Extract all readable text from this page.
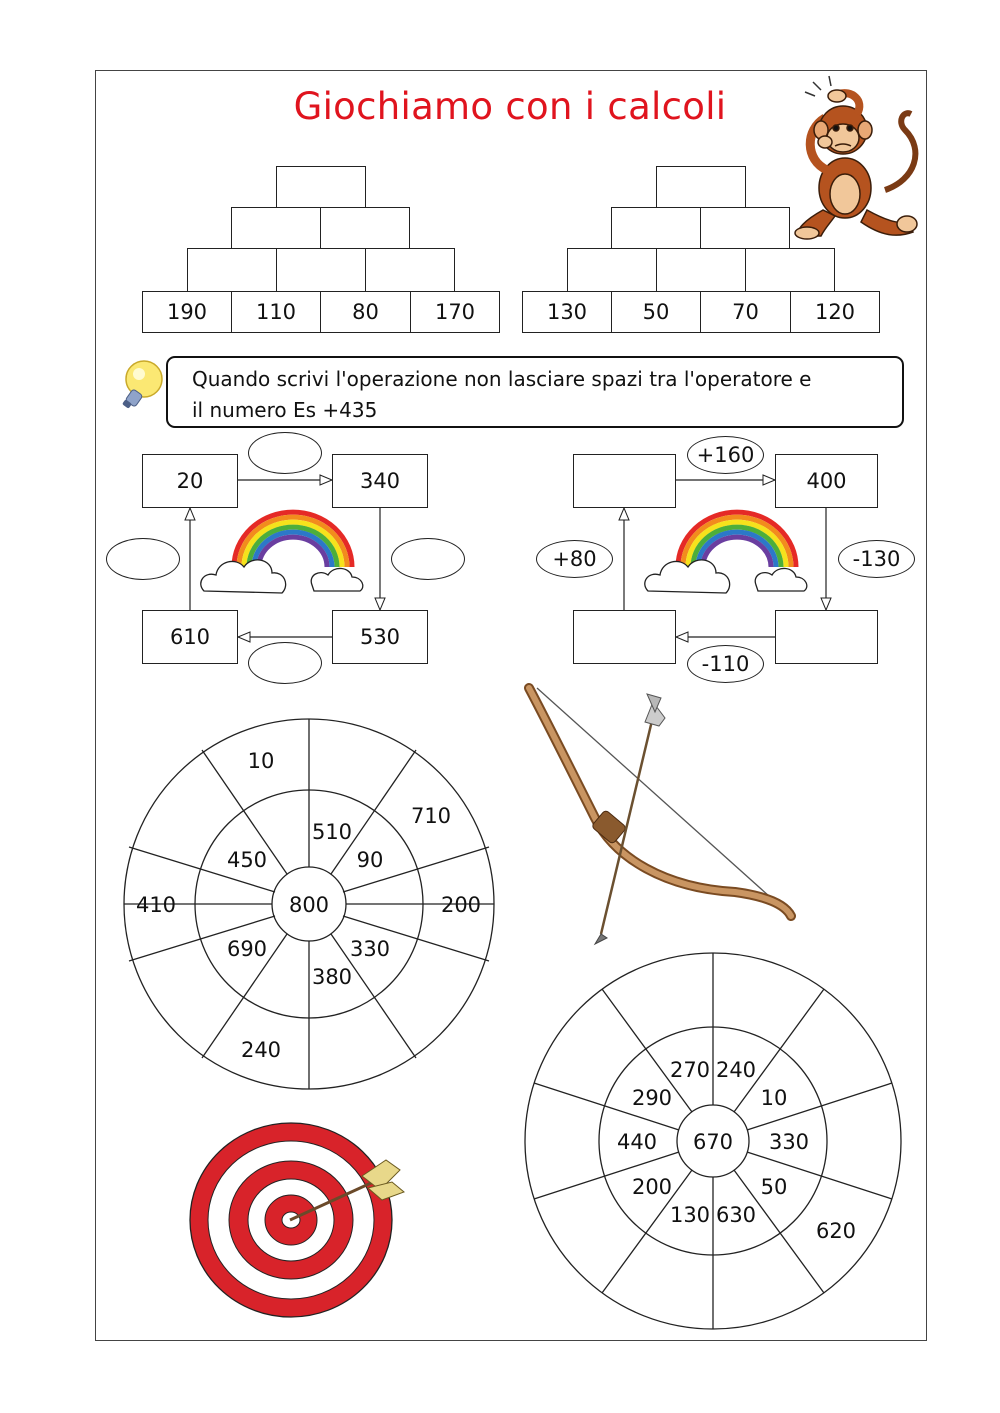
Giochiamo con i calcoli
190	110	80	170	130	50	70	120
Quando scrivi l'operazione non lasciare spazi tra l'operatore e
il numero Es +435
20	340
530
610
400
+160
-130
-110
+80
800
510
90
330
380
690
450
10
710
200
240
410
670
270 240
10
330
50
630
130
200
440
290
620
